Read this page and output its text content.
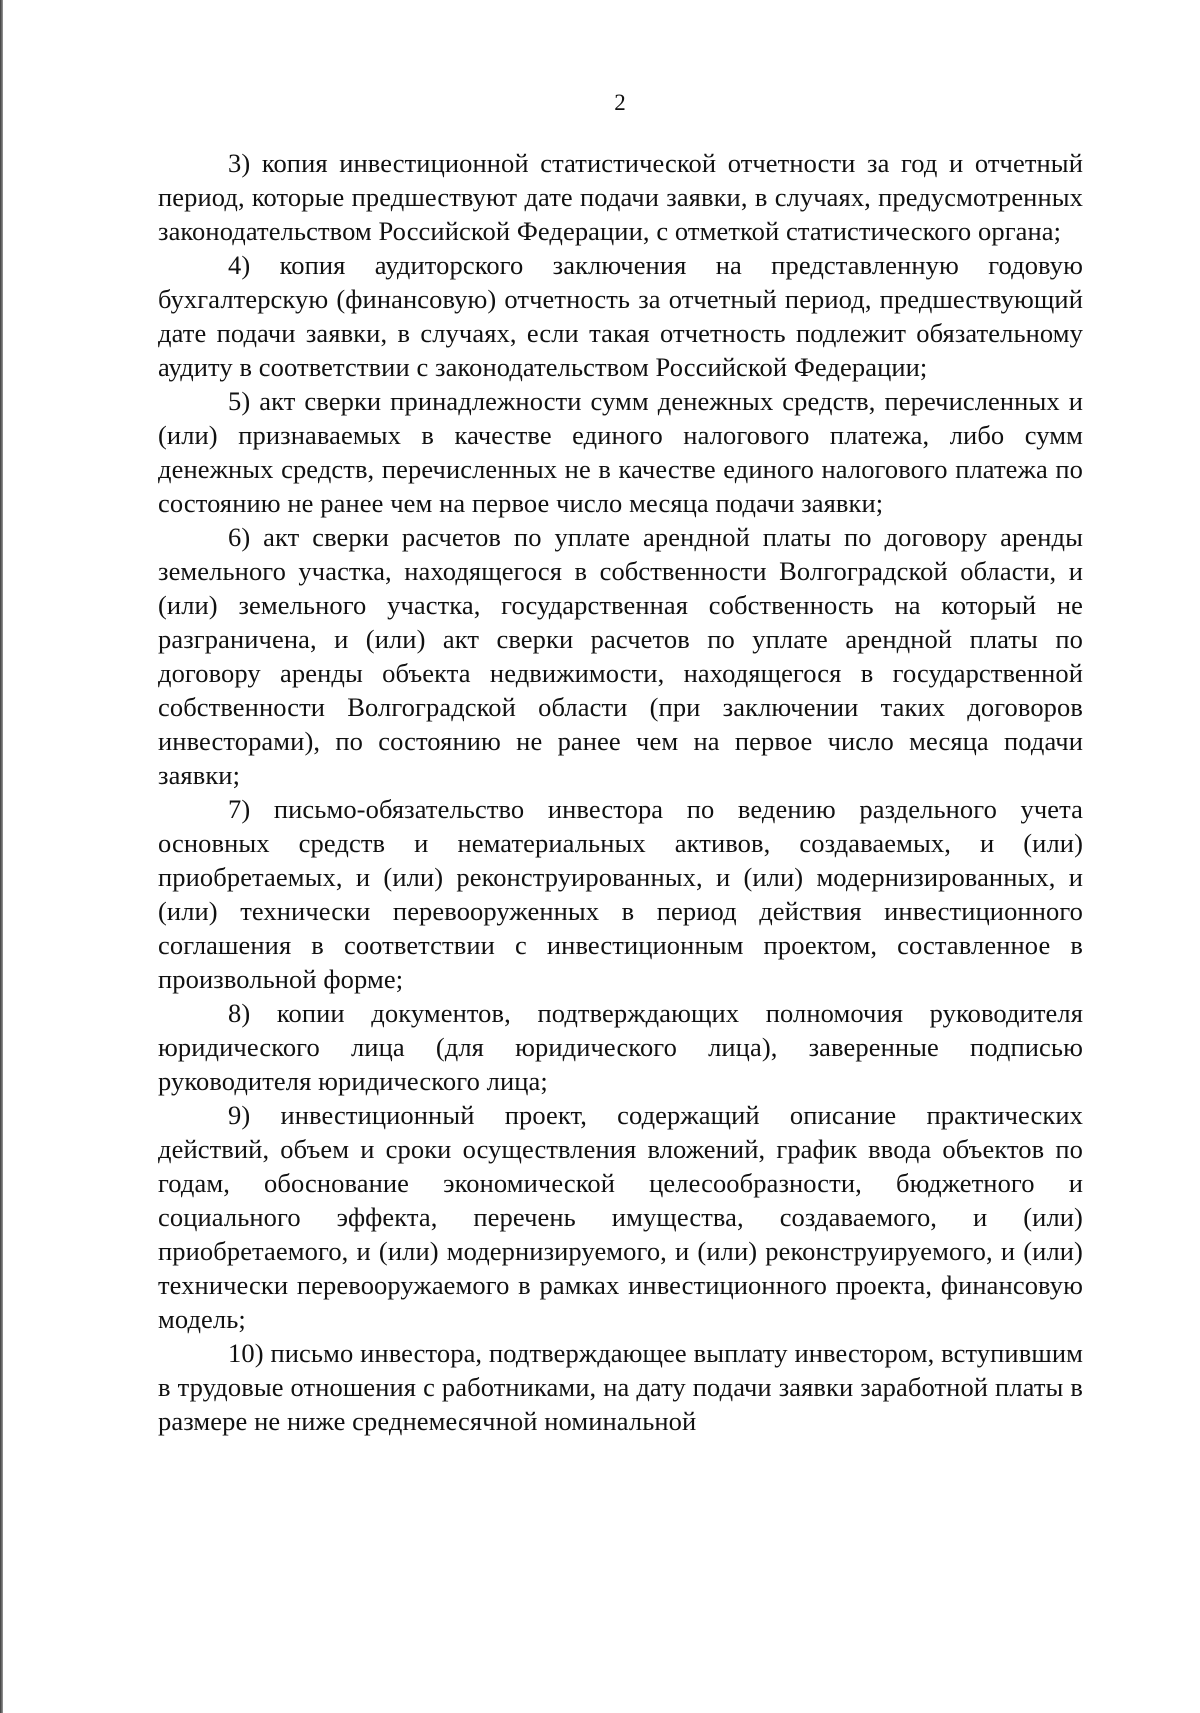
2

3) копия инвестиционной статистической отчетности за год и отчетный период, которые предшествуют дате подачи заявки, в случаях, предусмотренных законодательством Российской Федерации, с отметкой статистического органа;

4) копия аудиторского заключения на представленную годовую бухгалтерскую (финансовую) отчетность за отчетный период, предшествующий дате подачи заявки, в случаях, если такая отчетность подлежит обязательному аудиту в соответствии с законодательством Российской Федерации;

5) акт сверки принадлежности сумм денежных средств, перечисленных и (или) признаваемых в качестве единого налогового платежа, либо сумм денежных средств, перечисленных не в качестве единого налогового платежа по состоянию не ранее чем на первое число месяца подачи заявки;

6) акт сверки расчетов по уплате арендной платы по договору аренды земельного участка, находящегося в собственности Волгоградской области, и (или) земельного участка, государственная собственность на который не разграничена, и (или) акт сверки расчетов по уплате арендной платы по договору аренды объекта недвижимости, находящегося в государственной собственности Волгоградской области (при заключении таких договоров инвесторами), по состоянию не ранее чем на первое число месяца подачи заявки;

7) письмо-обязательство инвестора по ведению раздельного учета основных средств и нематериальных активов, создаваемых, и (или) приобретаемых, и (или) реконструированных, и (или) модернизированных, и (или) технически перевооруженных в период действия инвестиционного соглашения в соответствии с инвестиционным проектом, составленное в произвольной форме;

8) копии документов, подтверждающих полномочия руководителя юридического лица (для юридического лица), заверенные подписью руководителя юридического лица;

9) инвестиционный проект, содержащий описание практических действий, объем и сроки осуществления вложений, график ввода объектов по годам, обоснование экономической целесообразности, бюджетного и социального эффекта, перечень имущества, создаваемого, и (или) приобретаемого, и (или) модернизируемого, и (или) реконструируемого, и (или) технически перевооружаемого в рамках инвестиционного проекта, финансовую модель;

10) письмо инвестора, подтверждающее выплату инвестором, вступившим в трудовые отношения с работниками, на дату подачи заявки заработной платы в размере не ниже среднемесячной номинальной
